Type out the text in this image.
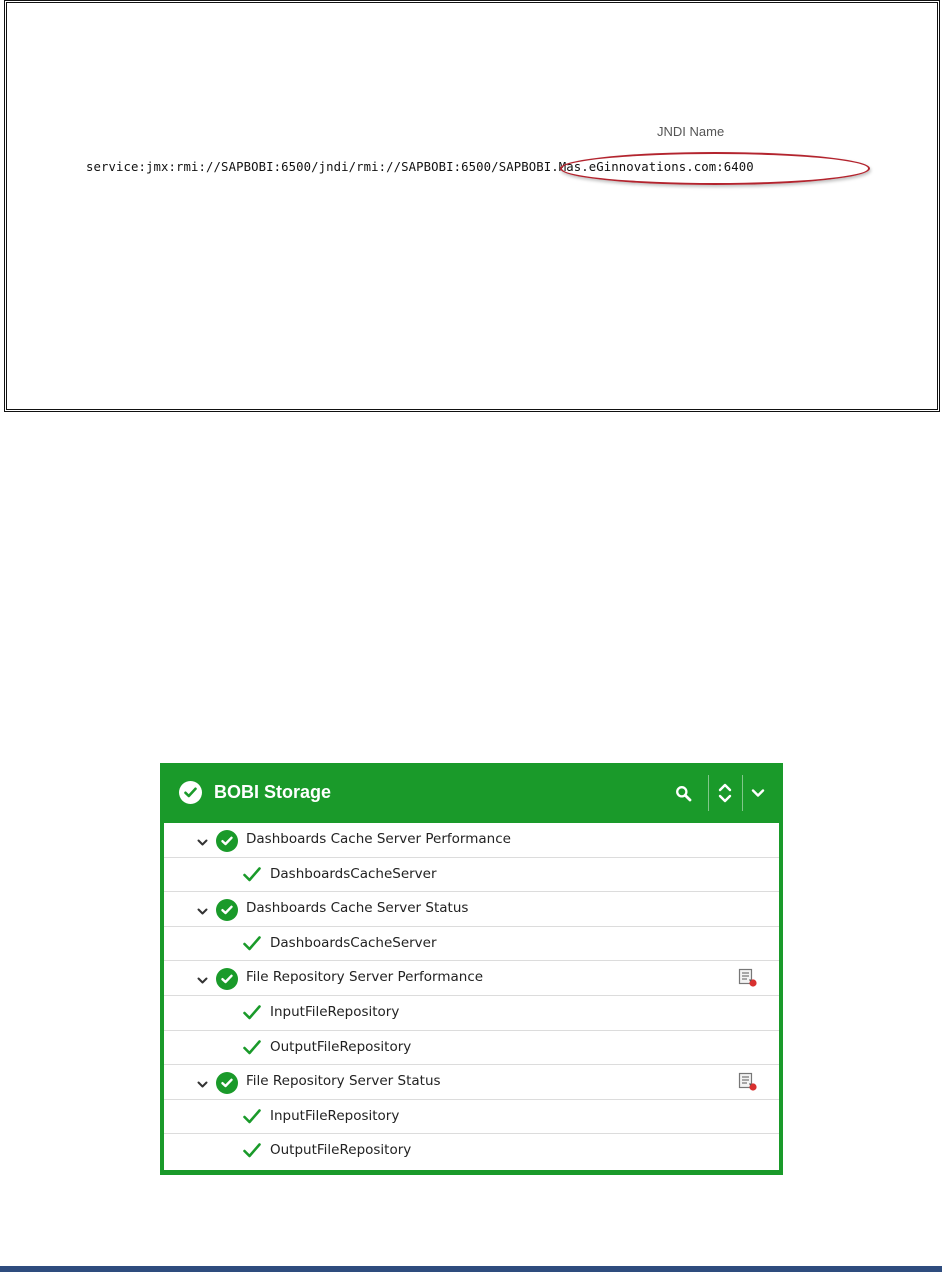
JNDI Name
service:jmx:rmi://SAPBOBI:6500/jndi/rmi://SAPBOBI:6500/SAPBOBI.Mas.eGinnovations.com:6400
BOBI Storage
Dashboards Cache Server Performance
DashboardsCacheServer
Dashboards Cache Server Status
DashboardsCacheServer
File Repository Server Performance
InputFileRepository
OutputFileRepository
File Repository Server Status
InputFileRepository
OutputFileRepository
